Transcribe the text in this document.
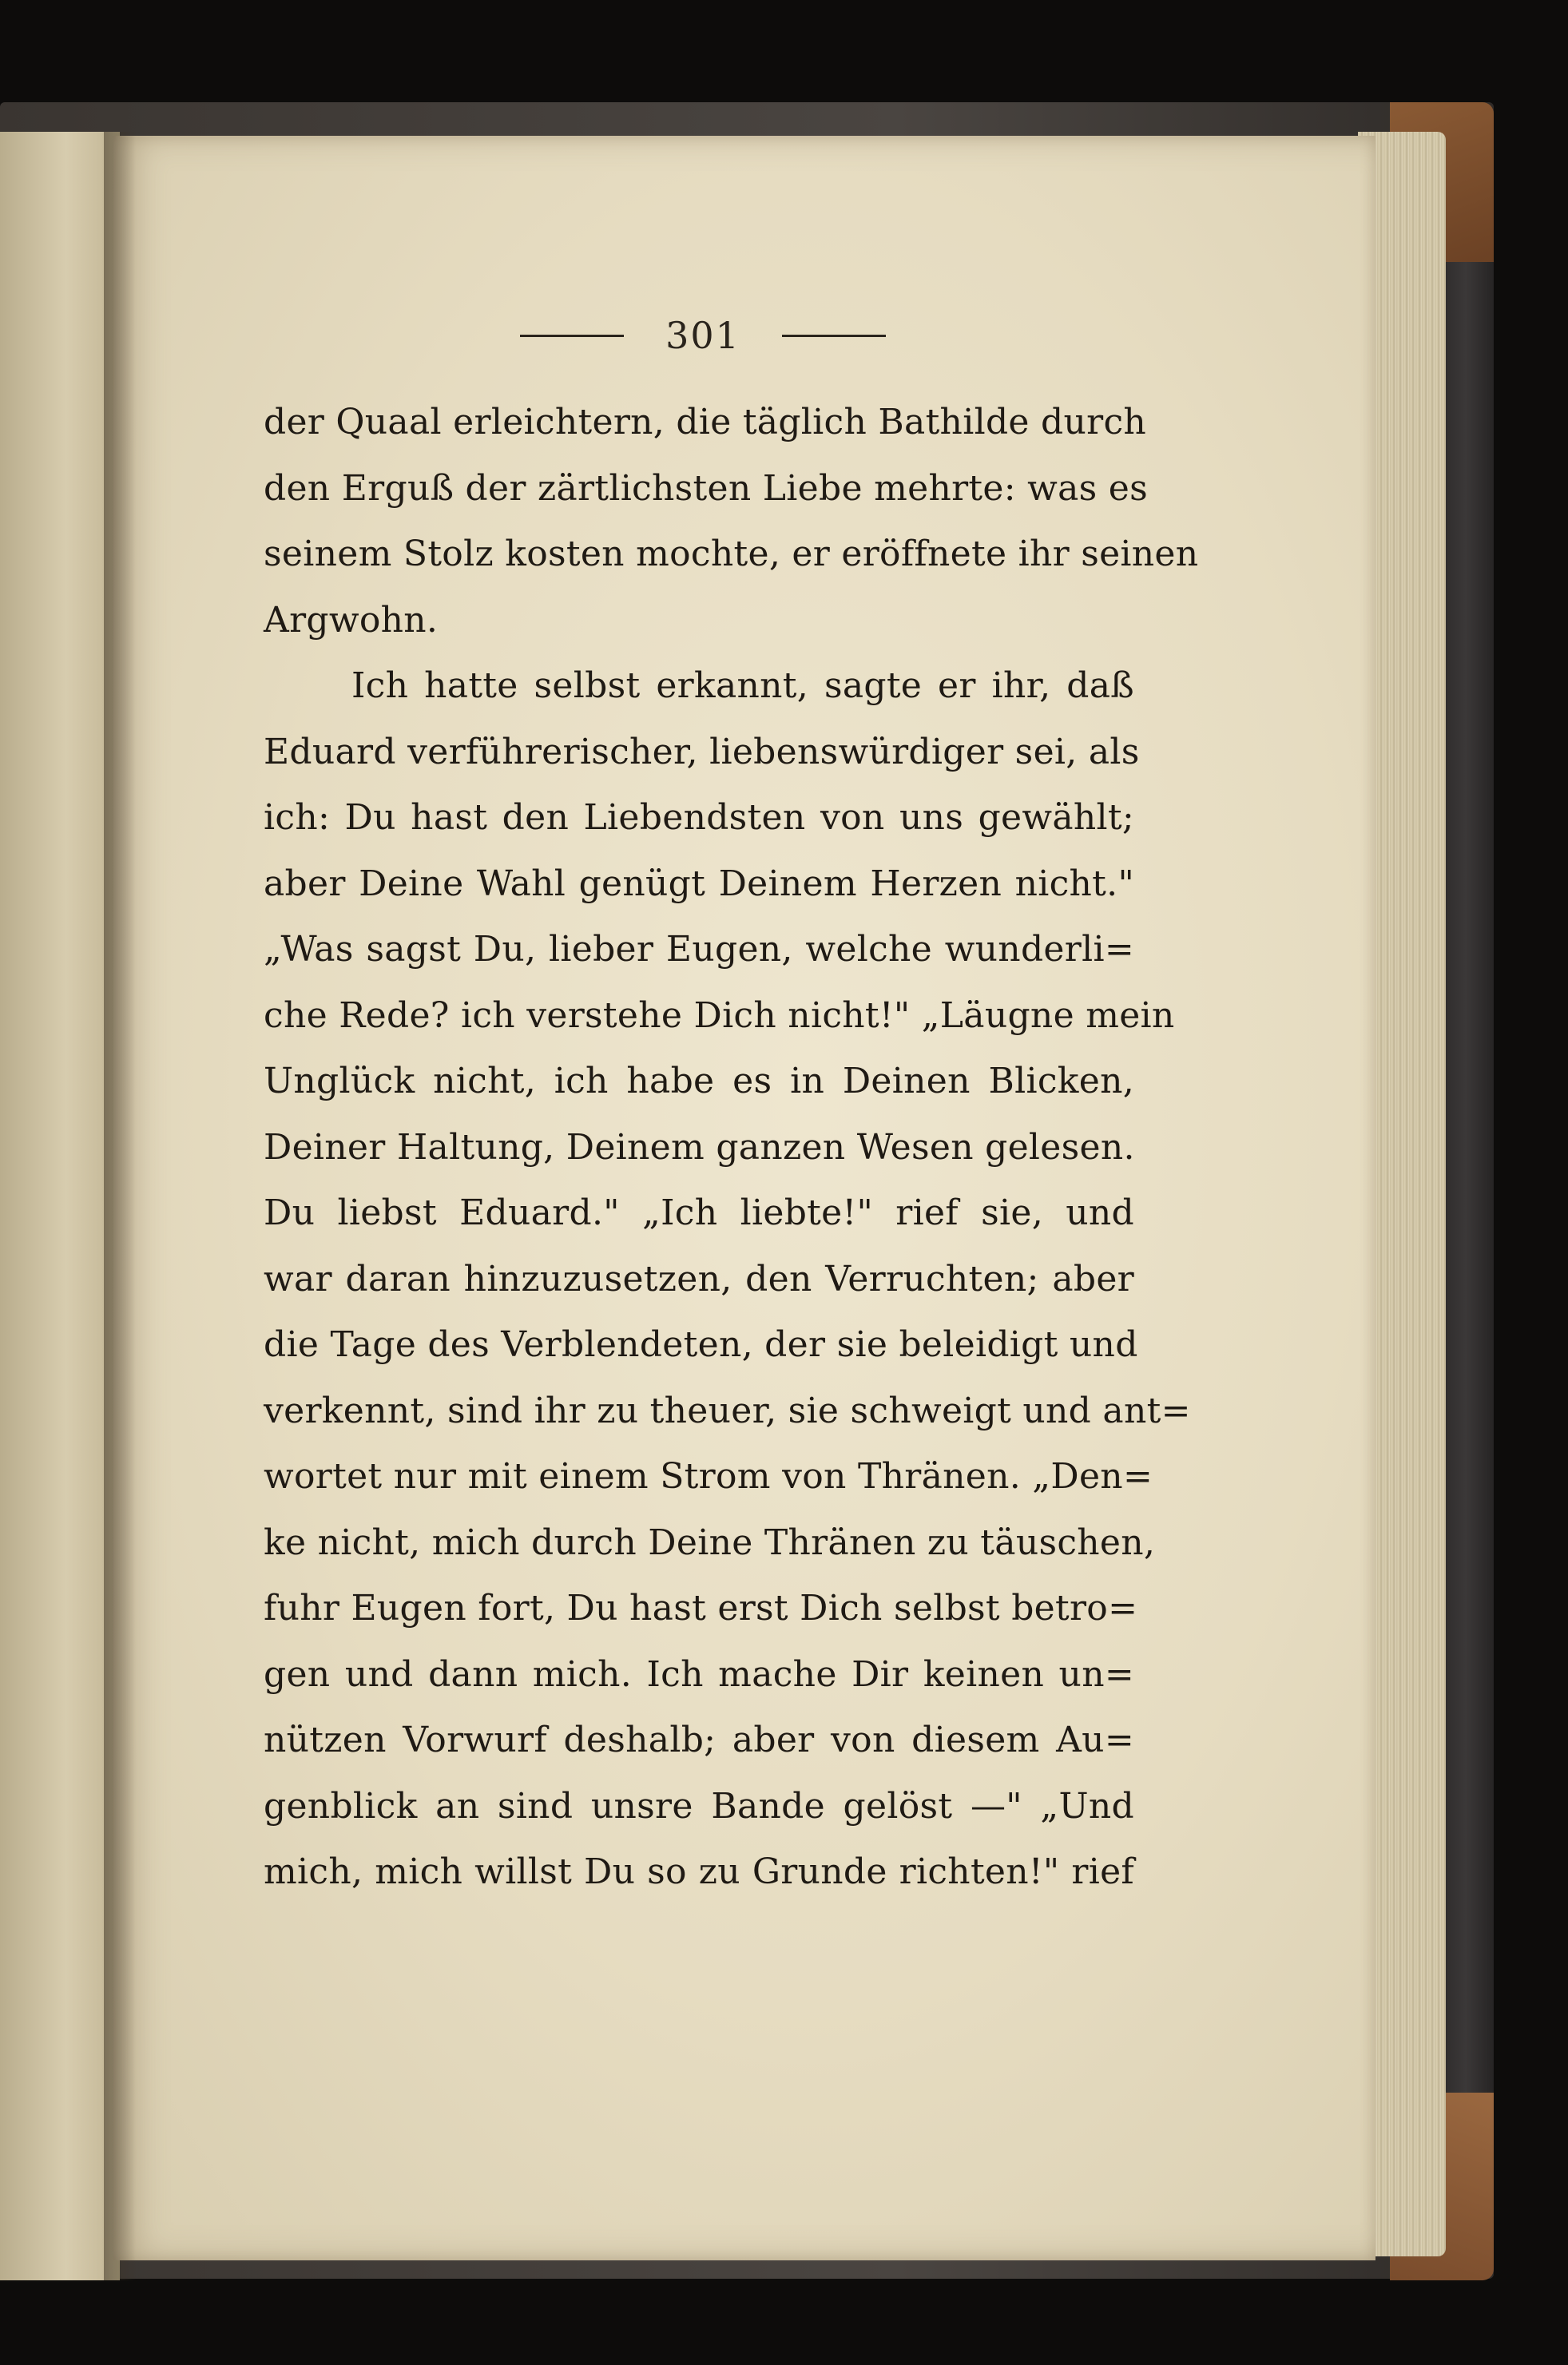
301
der Quaal erleichtern, die täglich Bathilde durch
den Erguß der zärtlichsten Liebe mehrte: was es
seinem Stolz kosten mochte, er eröffnete ihr seinen
Argwohn.
Ich hatte selbst erkannt, sagte er ihr, daß
Eduard verführerischer, liebenswürdiger sei, als
ich: Du hast den Liebendsten von uns gewählt;
aber Deine Wahl genügt Deinem Herzen nicht."
„Was sagst Du, lieber Eugen, welche wunderli=
che Rede? ich verstehe Dich nicht!" „Läugne mein
Unglück nicht, ich habe es in Deinen Blicken,
Deiner Haltung, Deinem ganzen Wesen gelesen.
Du liebst Eduard." „Ich liebte!" rief sie, und
war daran hinzuzusetzen, den Verruchten; aber
die Tage des Verblendeten, der sie beleidigt und
verkennt, sind ihr zu theuer, sie schweigt und ant=
wortet nur mit einem Strom von Thränen. „Den=
ke nicht, mich durch Deine Thränen zu täuschen,
fuhr Eugen fort, Du hast erst Dich selbst betro=
gen und dann mich. Ich mache Dir keinen un=
nützen Vorwurf deshalb; aber von diesem Au=
genblick an sind unsre Bande gelöst —" „Und
mich, mich willst Du so zu Grunde richten!" rief
